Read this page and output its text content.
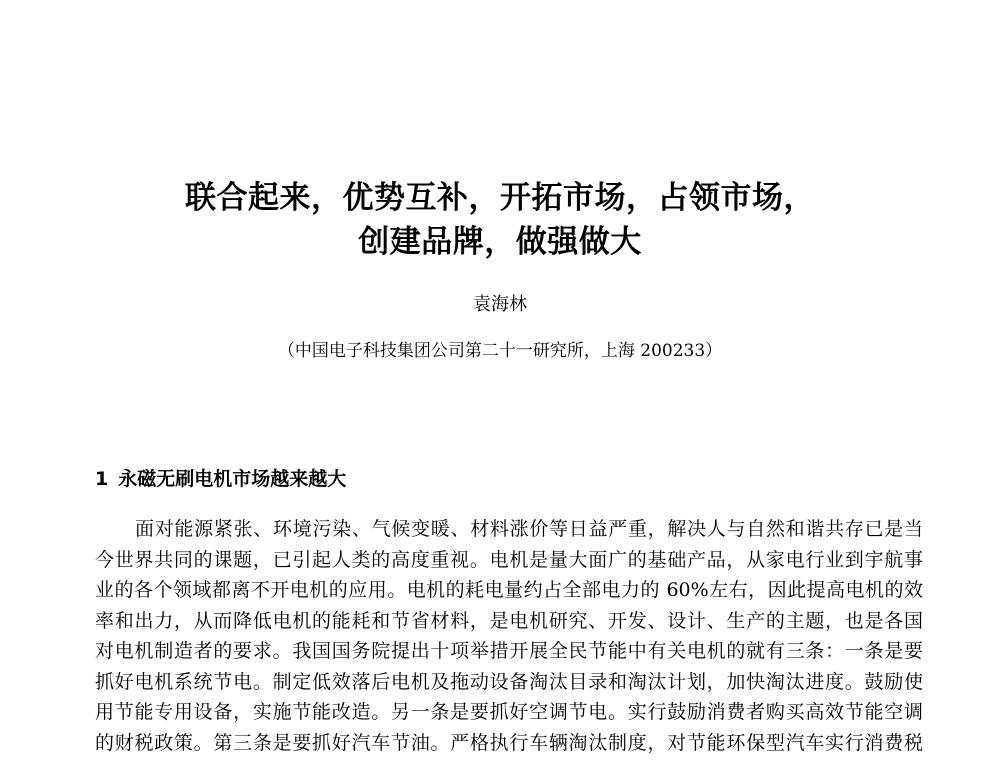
联合起来，优势互补，开拓市场，占领市场，
创建品牌，做强做大
袁海林
（中国电子科技集团公司第二十一研究所，上海 200233）
1 永磁无刷电机市场越来越大
面对能源紧张、环境污染、气候变暖、材料涨价等日益严重，解决人与自然和谐共存已是当
今世界共同的课题，已引起人类的高度重视。电机是量大面广的基础产品，从家电行业到宇航事
业的各个领域都离不开电机的应用。电机的耗电量约占全部电力的 60%左右，因此提高电机的效
率和出力，从而降低电机的能耗和节省材料，是电机研究、开发、设计、生产的主题，也是各国
对电机制造者的要求。我国国务院提出十项举措开展全民节能中有关电机的就有三条：一条是要
抓好电机系统节电。制定低效落后电机及拖动设备淘汰目录和淘汰计划，加快淘汰进度。鼓励使
用节能专用设备，实施节能改造。另一条是要抓好空调节电。实行鼓励消费者购买高效节能空调
的财税政策。第三条是要抓好汽车节油。严格执行车辆淘汰制度，对节能环保型汽车实行消费税
